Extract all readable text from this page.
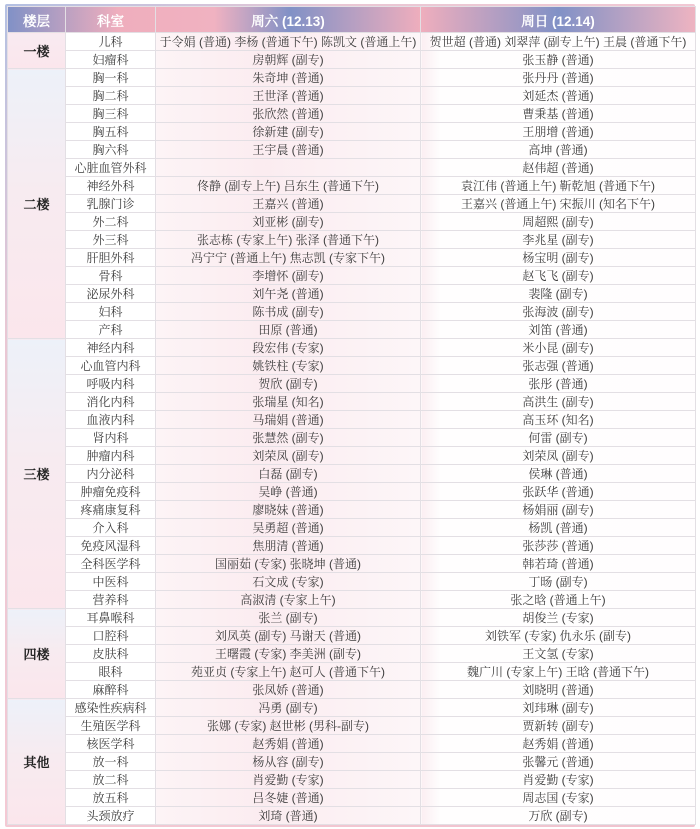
楼层	科室	周六 (12.13)	周日 (12.14)
一楼	儿科	于令娟 (普通) 李杨 (普通下午) 陈凯文 (普通上午)	贺世超 (普通) 刘翠萍 (副专上午) 王晨 (普通下午)
	妇瘤科	房朝辉 (副专)	张玉静 (普通)
二楼	胸一科	朱奇坤 (普通)	张丹丹 (普通)
	胸二科	王世泽 (普通)	刘延杰 (普通)
	胸三科	张欣然 (普通)	曹秉基 (普通)
	胸五科	徐新建 (副专)	王朋增 (普通)
	胸六科	王宇晨 (普通)	高坤 (普通)
	心脏血管外科		赵伟超 (普通)
	神经外科	佟静 (副专上午) 吕东生 (普通下午)	袁江伟 (普通上午) 靳乾旭 (普通下午)
	乳腺门诊	王嘉兴 (普通)	王嘉兴 (普通上午) 宋振川 (知名下午)
	外二科	刘亚彬 (副专)	周超熙 (副专)
	外三科	张志栋 (专家上午) 张泽 (普通下午)	李兆星 (副专)
	肝胆外科	冯宁宁 (普通上午) 焦志凯 (专家下午)	杨宝明 (副专)
	骨科	李增怀 (副专)	赵飞飞 (副专)
	泌尿外科	刘午尧 (普通)	裴隆 (副专)
	妇科	陈书成 (副专)	张海波 (副专)
	产科	田原 (普通)	刘笛 (普通)
三楼	神经内科	段宏伟 (专家)	米小昆 (副专)
	心血管内科	姚铁柱 (专家)	张志强 (普通)
	呼吸内科	贺欣 (副专)	张彤 (普通)
	消化内科	张瑞星 (知名)	高洪生 (副专)
	血液内科	马瑞娟 (普通)	高玉环 (知名)
	肾内科	张慧然 (副专)	何雷 (副专)
	肿瘤内科	刘荣凤 (副专)	刘荣凤 (副专)
	内分泌科	白磊 (副专)	侯琳 (普通)
	肿瘤免疫科	吴峥 (普通)	张跃华 (普通)
	疼痛康复科	廖晓妹 (普通)	杨娟丽 (副专)
	介入科	吴勇超 (普通)	杨凯 (普通)
	免疫风湿科	焦朋清 (普通)	张莎莎 (普通)
	全科医学科	国丽茹 (专家) 张晓坤 (普通)	韩若琦 (普通)
	中医科	石文成 (专家)	丁旸 (副专)
	营养科	高淑清 (专家上午)	张之晗 (普通上午)
四楼	耳鼻喉科	张兰 (副专)	胡俊兰 (专家)
	口腔科	刘凤英 (副专) 马谢天 (普通)	刘铁军 (专家) 仇永乐 (副专)
	皮肤科	王曙霞 (专家) 李美洲 (副专)	王文氢 (专家)
	眼科	苑亚贞 (专家上午) 赵可人 (普通下午)	魏广川 (专家上午) 王晗 (普通下午)
	麻醉科	张凤娇 (普通)	刘晓明 (普通)
其他	感染性疾病科	冯勇 (副专)	刘玮琳 (副专)
	生殖医学科	张娜 (专家) 赵世彬 (男科-副专)	贾新转 (副专)
	核医学科	赵秀娟 (普通)	赵秀娟 (普通)
	放一科	杨从容 (副专)	张馨元 (普通)
	放二科	肖爱勤 (专家)	肖爱勤 (专家)
	放五科	吕冬婕 (普通)	周志国 (专家)
	头颈放疗	刘琦 (普通)	万欣 (副专)
